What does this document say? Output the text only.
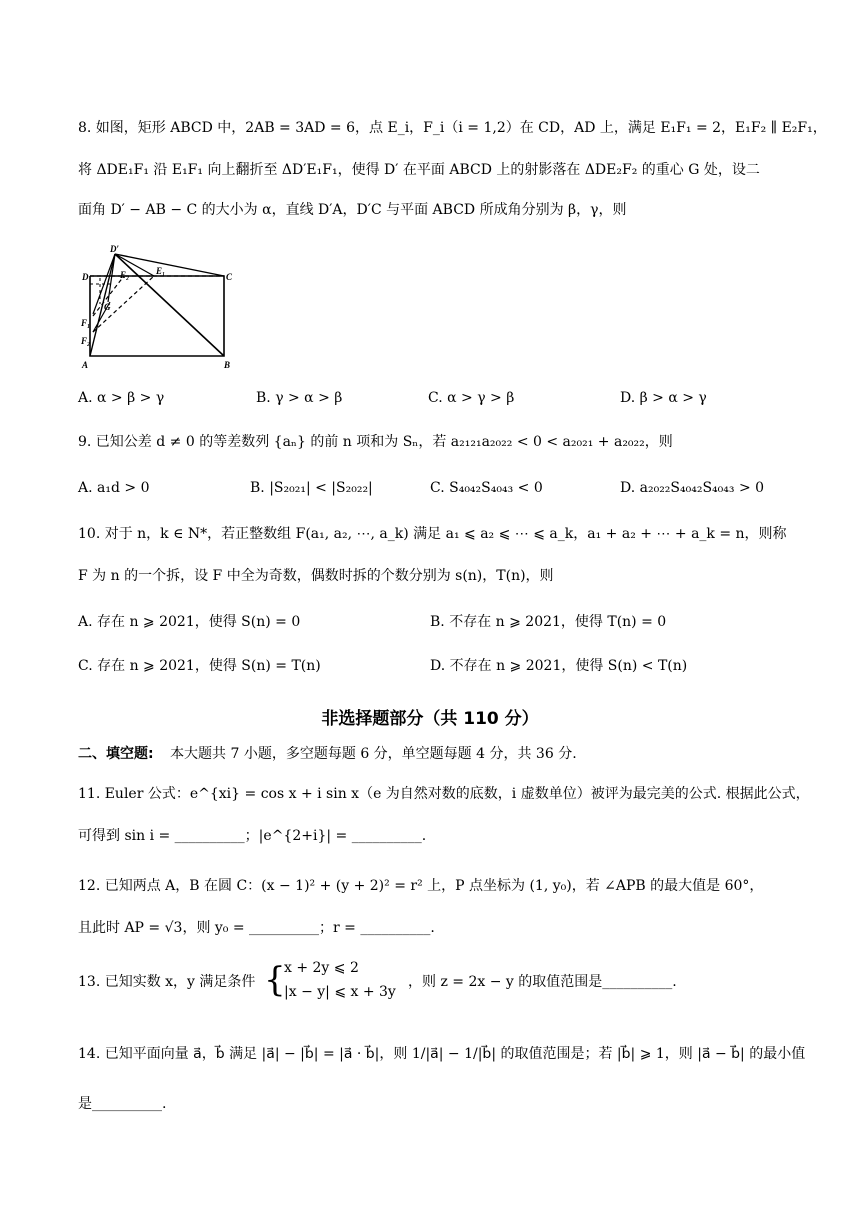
8. 如图，矩形 ABCD 中，2AB = 3AD = 6，点 E_i，F_i（i = 1,2）在 CD，AD 上，满足 E₁F₁ = 2，E₁F₂ ∥ E₂F₁，
将 ΔDE₁F₁ 沿 E₁F₁ 向上翻折至 ΔD′E₁F₁，使得 D′ 在平面 ABCD 上的射影落在 ΔDE₂F₂ 的重心 G 处，设二
面角 D′ − AB − C 的大小为 α，直线 D′A，D′C 与平面 ABCD 所成角分别为 β，γ，则
D′
D	E₂	E₁
C
F₁
F₂
G
A	B
A. α > β > γ	B. γ > α > β	C. α > γ > β	D. β > α > γ
9. 已知公差 d ≠ 0 的等差数列 {aₙ} 的前 n 项和为 Sₙ，若 a₂₁₂₁a₂₀₂₂ < 0 < a₂₀₂₁ + a₂₀₂₂，则
A. a₁d > 0	B. |S₂₀₂₁| < |S₂₀₂₂|	C. S₄₀₄₂S₄₀₄₃ < 0	D. a₂₀₂₂S₄₀₄₂S₄₀₄₃ > 0
10. 对于 n，k ∈ N*，若正整数组 F(a₁, a₂, ⋯, a_k) 满足 a₁ ⩽ a₂ ⩽ ⋯ ⩽ a_k，a₁ + a₂ + ⋯ + a_k = n，则称
F 为 n 的一个拆，设 F 中全为奇数，偶数时拆的个数分别为 s(n)，T(n)，则
A. 存在 n ⩾ 2021，使得 S(n) = 0	B. 不存在 n ⩾ 2021，使得 T(n) = 0
C. 存在 n ⩾ 2021，使得 S(n) = T(n)	D. 不存在 n ⩾ 2021，使得 S(n) < T(n)
非选择题部分（共 110 分）
二、填空题: 本大题共 7 小题，多空题每题 6 分，单空题每题 4 分，共 36 分.
11. Euler 公式：e^{xi} = cos x + i sin x（e 为自然对数的底数，i 虚数单位）被评为最完美的公式. 根据此公式，
可得到 sin i = __________；|e^{2+i}| = __________.
12. 已知两点 A，B 在圆 C：(x − 1)² + (y + 2)² = r² 上，P 点坐标为 (1, y₀)，若 ∠APB 的最大值是 60°，
且此时 AP = √3，则 y₀ = __________；r = __________.
13. 已知实数 x，y 满足条件 {
x + 2y ⩽ 2
|x − y| ⩽ x + 3y
，则 z = 2x − y 的取值范围是__________.
14. 已知平面向量 a⃗，b⃗ 满足 |a⃗| − |b⃗| = |a⃗ · b⃗|，则 1/|a⃗| − 1/|b⃗| 的取值范围是；若 |b⃗| ⩾ 1，则 |a⃗ − b⃗| 的最小值
是__________.
